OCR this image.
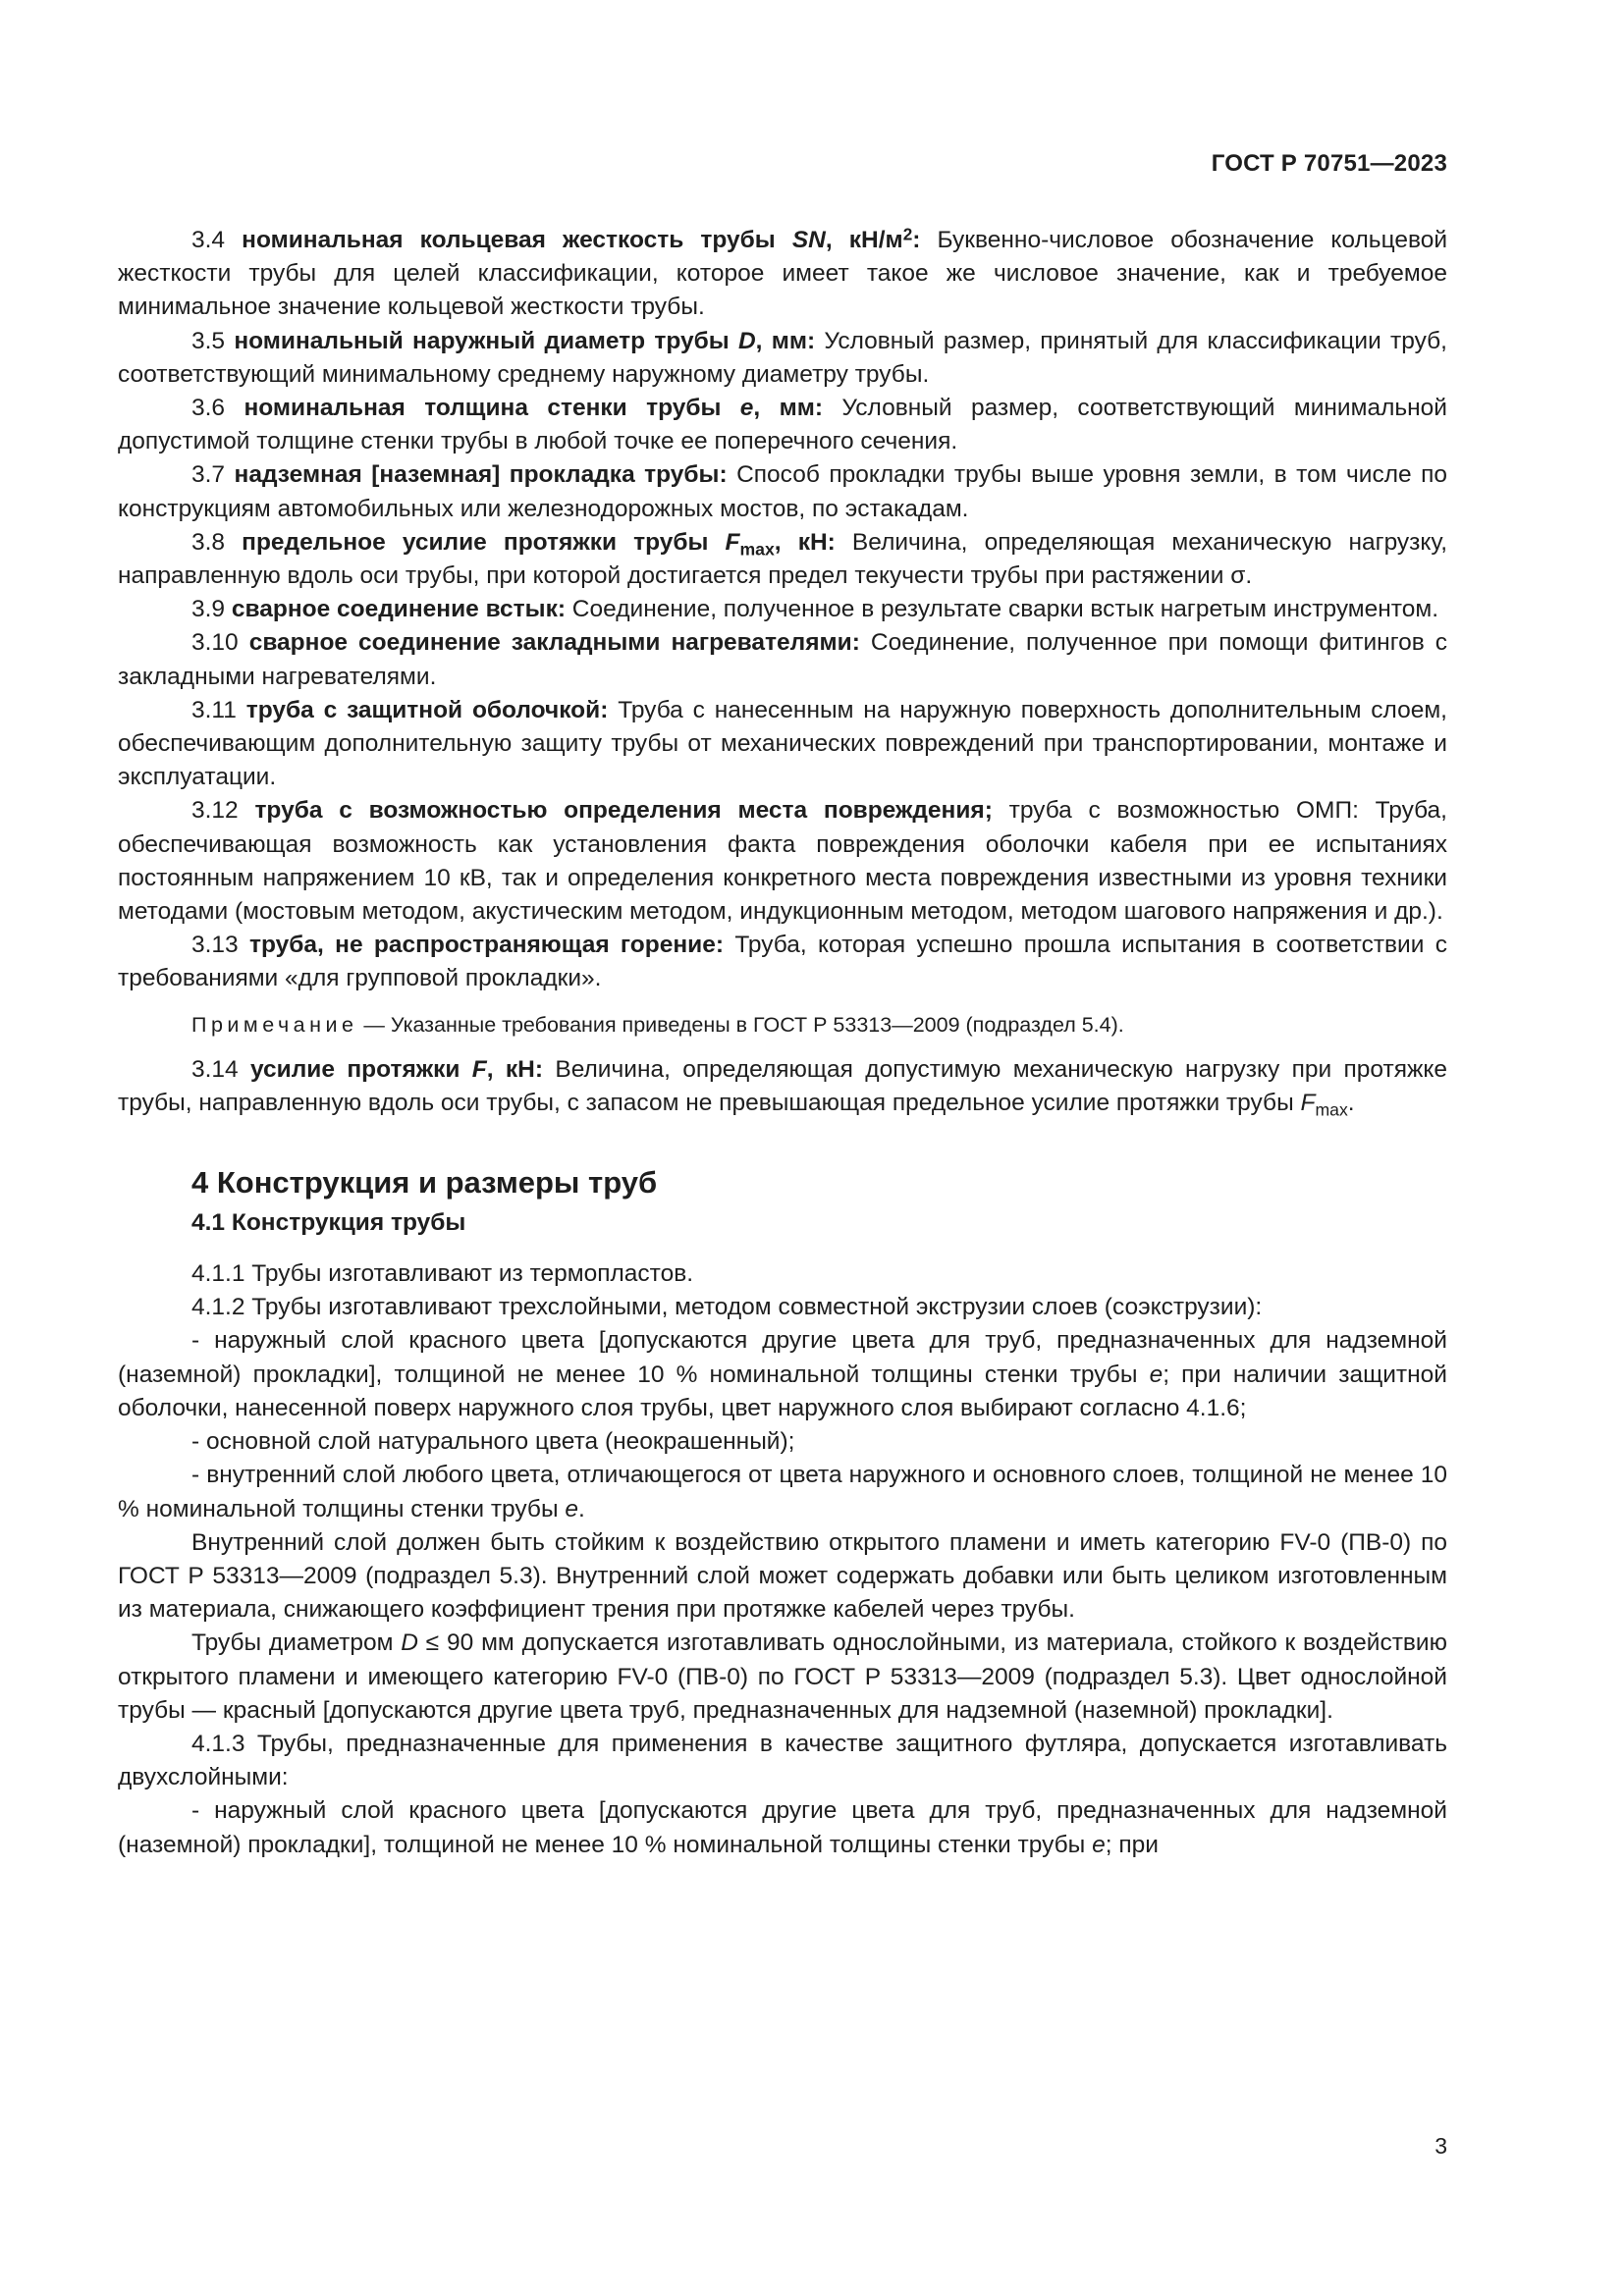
ГОСТ Р 70751—2023

3.4 номинальная кольцевая жесткость трубы SN, $кН/м^2$: Буквенно-числовое обозначение кольцевой жесткости трубы для целей классификации, которое имеет такое же числовое значение, как и требуемое минимальное значение кольцевой жесткости трубы.

3.5 номинальный наружный диаметр трубы D, мм: Условный размер, принятый для классификации труб, соответствующий минимальному среднему наружному диаметру трубы.

3.6 номинальная толщина стенки трубы е, мм: Условный размер, соответствующий минимальной допустимой толщине стенки трубы в любой точке ее поперечного сечения.

3.7 надземная [наземная] прокладка трубы: Способ прокладки трубы выше уровня земли, в том числе по конструкциям автомобильных или железнодорожных мостов, по эстакадам.

3.8 предельное усилие протяжки трубы $F_{max}$, кН: Величина, определяющая механическую нагрузку, направленную вдоль оси трубы, при которой достигается предел текучести трубы при растяжении σ.

3.9 сварное соединение встык: Соединение, полученное в результате сварки встык нагретым инструментом.

3.10 сварное соединение закладными нагревателями: Соединение, полученное при помощи фитингов с закладными нагревателями.

3.11 труба с защитной оболочкой: Труба с нанесенным на наружную поверхность дополнительным слоем, обеспечивающим дополнительную защиту трубы от механических повреждений при транспортировании, монтаже и эксплуатации.

3.12 труба с возможностью определения места повреждения; труба с возможностью ОМП: Труба, обеспечивающая возможность как установления факта повреждения оболочки кабеля при ее испытаниях постоянным напряжением 10 кВ, так и определения конкретного места повреждения известными из уровня техники методами (мостовым методом, акустическим методом, индукционным методом, методом шагового напряжения и др.).

3.13 труба, не распространяющая горение: Труба, которая успешно прошла испытания в соответствии с требованиями «для групповой прокладки».

Примечание — Указанные требования приведены в ГОСТ Р 53313—2009 (подраздел 5.4).

3.14 усилие протяжки F, кН: Величина, определяющая допустимую механическую нагрузку при протяжке трубы, направленную вдоль оси трубы, с запасом не превышающая предельное усилие протяжки трубы $F_{max}$.

4 Конструкция и размеры труб
4.1 Конструкция трубы

4.1.1 Трубы изготавливают из термопластов.

4.1.2 Трубы изготавливают трехслойными, методом совместной экструзии слоев (соэкструзии):

- наружный слой красного цвета [допускаются другие цвета для труб, предназначенных для надземной (наземной) прокладки], толщиной не менее 10 % номинальной толщины стенки трубы е; при наличии защитной оболочки, нанесенной поверх наружного слоя трубы, цвет наружного слоя выбирают согласно 4.1.6;

- основной слой натурального цвета (неокрашенный);

- внутренний слой любого цвета, отличающегося от цвета наружного и основного слоев, толщиной не менее 10 % номинальной толщины стенки трубы е.

Внутренний слой должен быть стойким к воздействию открытого пламени и иметь категорию FV-0 (ПВ-0) по ГОСТ Р 53313—2009 (подраздел 5.3). Внутренний слой может содержать добавки или быть целиком изготовленным из материала, снижающего коэффициент трения при протяжке кабелей через трубы.

Трубы диаметром D ≤ 90 мм допускается изготавливать однослойными, из материала, стойкого к воздействию открытого пламени и имеющего категорию FV-0 (ПВ-0) по ГОСТ Р 53313—2009 (подраздел 5.3). Цвет однослойной трубы — красный [допускаются другие цвета труб, предназначенных для надземной (наземной) прокладки].

4.1.3 Трубы, предназначенные для применения в качестве защитного футляра, допускается изготавливать двухслойными:

- наружный слой красного цвета [допускаются другие цвета для труб, предназначенных для надземной (наземной) прокладки], толщиной не менее 10 % номинальной толщины стенки трубы е; при

3
